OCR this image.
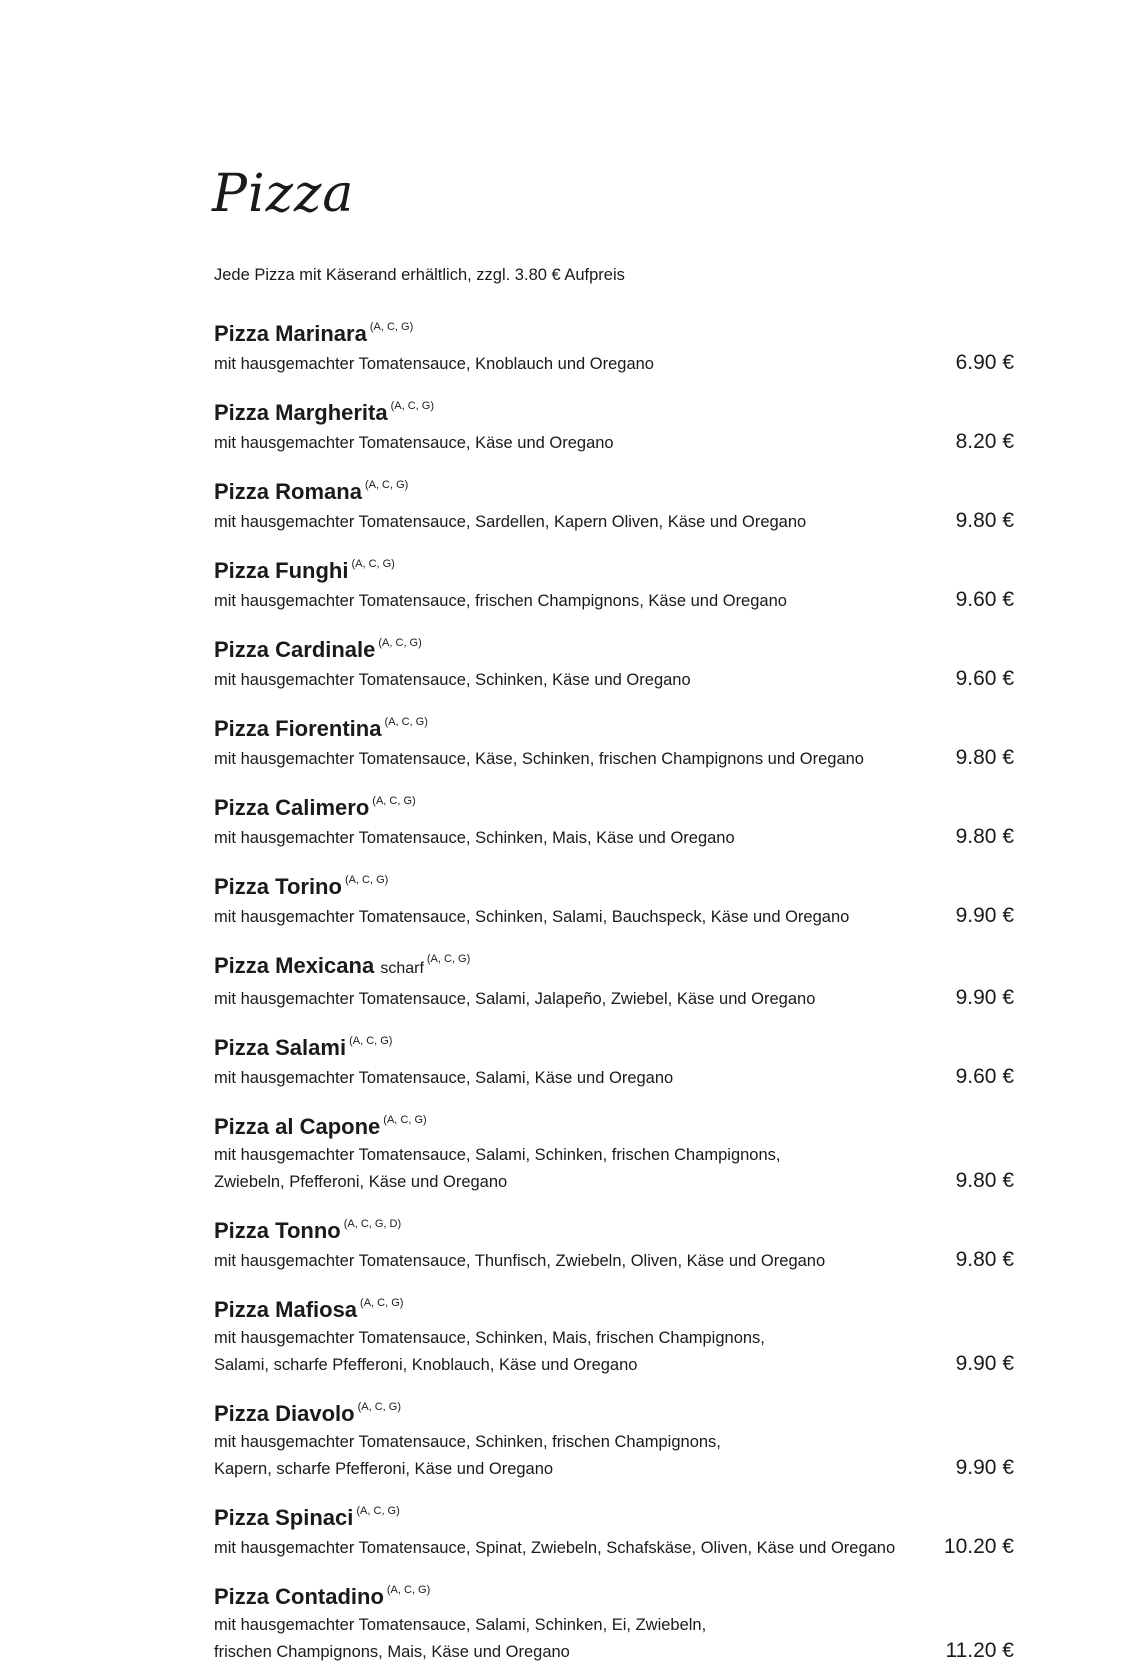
Pizza
Jede Pizza mit Käserand erhältlich, zzgl. 3.80 € Aufpreis
Pizza Marinara $^{(A, C, G)}$
mit hausgemachter Tomatensauce, Knoblauch und Oregano	6.90 €
Pizza Margherita $^{(A, C, G)}$
mit hausgemachter Tomatensauce, Käse und Oregano	8.20 €
Pizza Romana $^{(A, C, G)}$
mit hausgemachter Tomatensauce, Sardellen, Kapern Oliven, Käse und Oregano	9.80 €
Pizza Funghi $^{(A, C, G)}$
mit hausgemachter Tomatensauce, frischen Champignons, Käse und Oregano	9.60 €
Pizza Cardinale $^{(A, C, G)}$
mit hausgemachter Tomatensauce, Schinken, Käse und Oregano	9.60 €
Pizza Fiorentina $^{(A, C, G)}$
mit hausgemachter Tomatensauce, Käse, Schinken, frischen Champignons und Oregano	9.80 €
Pizza Calimero $^{(A, C, G)}$
mit hausgemachter Tomatensauce, Schinken, Mais, Käse und Oregano	9.80 €
Pizza Torino $^{(A, C, G)}$
mit hausgemachter Tomatensauce, Schinken, Salami, Bauchspeck, Käse und Oregano	9.90 €
Pizza Mexicana scharf$^{(A, C, G)}$
mit hausgemachter Tomatensauce, Salami, Jalapeño, Zwiebel, Käse und Oregano	9.90 €
Pizza Salami $^{(A, C, G)}$
mit hausgemachter Tomatensauce, Salami, Käse und Oregano	9.60 €
Pizza al Capone $^{(A, C, G)}$
mit hausgemachter Tomatensauce, Salami, Schinken, frischen Champignons,
Zwiebeln, Pfefferoni, Käse und Oregano	9.80 €
Pizza Tonno $^{(A, C, G, D)}$
mit hausgemachter Tomatensauce, Thunfisch, Zwiebeln, Oliven, Käse und Oregano	9.80 €
Pizza Mafiosa $^{(A, C, G)}$
mit hausgemachter Tomatensauce, Schinken, Mais, frischen Champignons,
Salami, scharfe Pfefferoni, Knoblauch, Käse und Oregano	9.90 €
Pizza Diavolo $^{(A, C, G)}$
mit hausgemachter Tomatensauce, Schinken, frischen Champignons,
Kapern, scharfe Pfefferoni, Käse und Oregano	9.90 €
Pizza Spinaci $^{(A, C, G)}$
mit hausgemachter Tomatensauce, Spinat, Zwiebeln, Schafskäse, Oliven, Käse und Oregano 10.20 €
Pizza Contadino $^{(A, C, G)}$
mit hausgemachter Tomatensauce, Salami, Schinken, Ei, Zwiebeln,
frischen Champignons, Mais, Käse und Oregano	11.20 €
